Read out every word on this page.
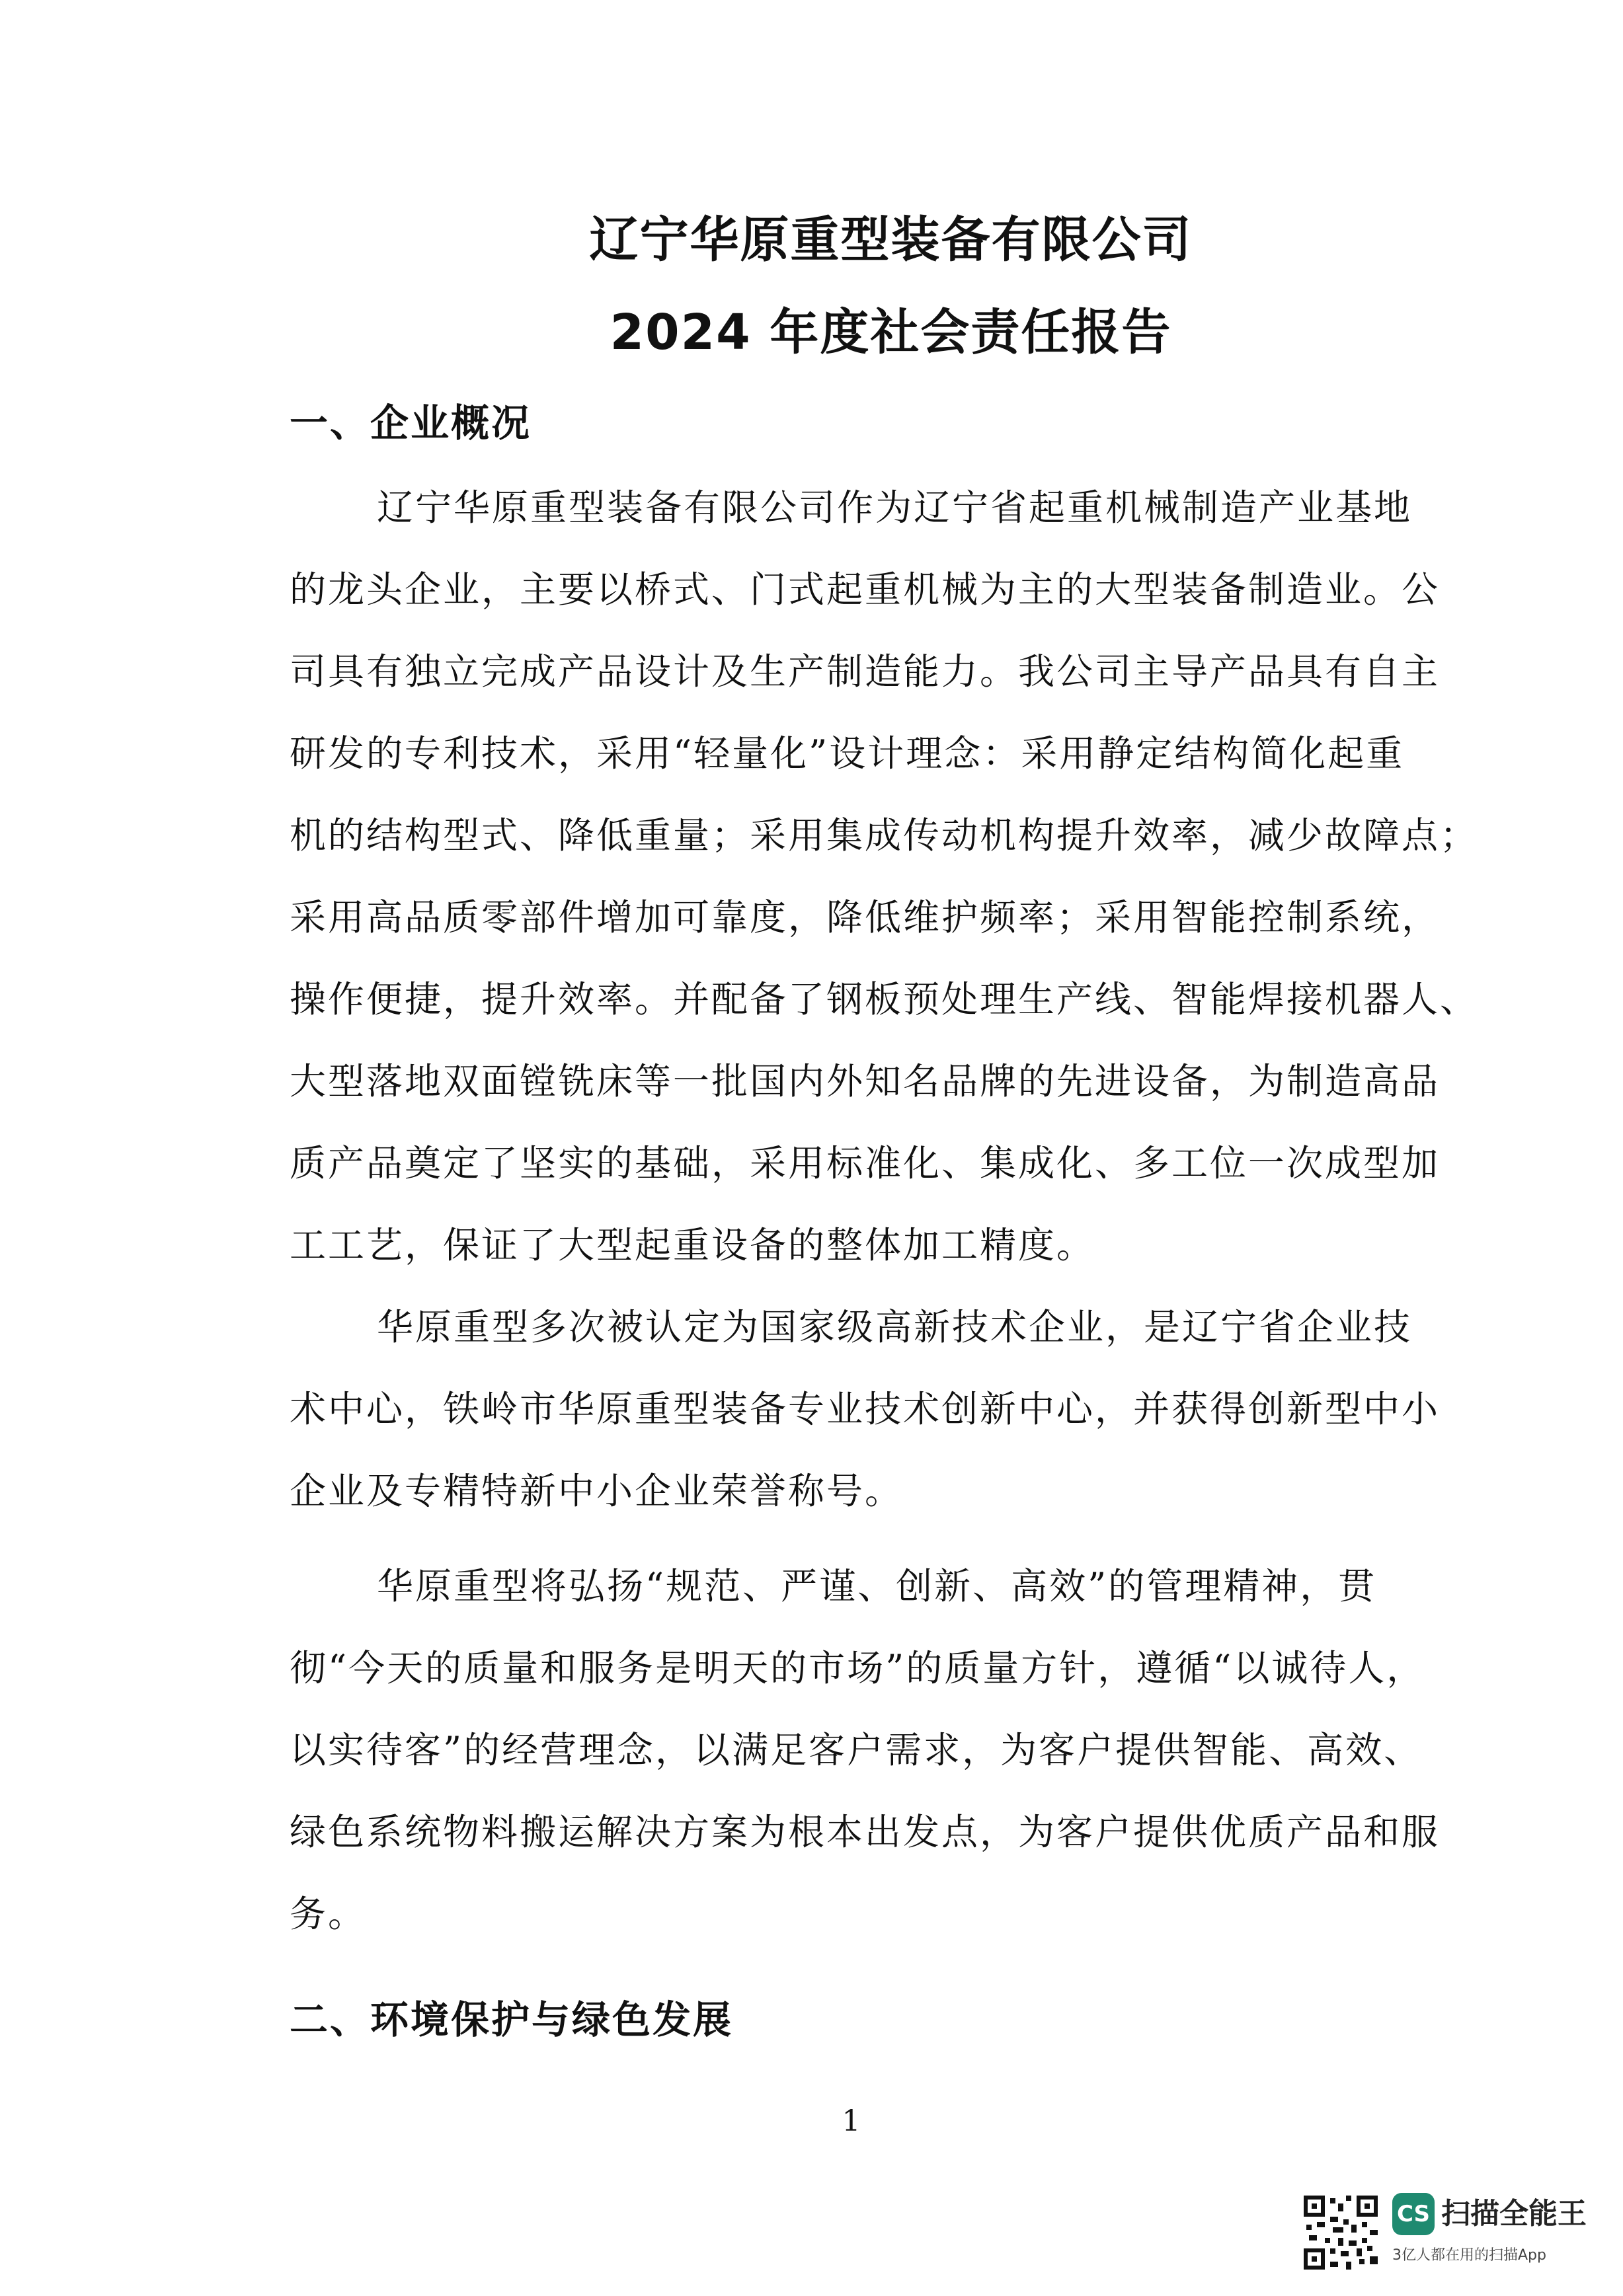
辽宁华原重型装备有限公司
2024 年度社会责任报告
一、企业概况
辽宁华原重型装备有限公司作为辽宁省起重机械制造产业基地
的龙头企业，主要以桥式、门式起重机械为主的大型装备制造业。公
司具有独立完成产品设计及生产制造能力。我公司主导产品具有自主
研发的专利技术，采用“轻量化”设计理念：采用静定结构简化起重
机的结构型式、降低重量；采用集成传动机构提升效率，减少故障点；
采用高品质零部件增加可靠度，降低维护频率；采用智能控制系统，
操作便捷，提升效率。并配备了钢板预处理生产线、智能焊接机器人、
大型落地双面镗铣床等一批国内外知名品牌的先进设备，为制造高品
质产品奠定了坚实的基础，采用标准化、集成化、多工位一次成型加
工工艺，保证了大型起重设备的整体加工精度。
华原重型多次被认定为国家级高新技术企业，是辽宁省企业技
术中心，铁岭市华原重型装备专业技术创新中心，并获得创新型中小
企业及专精特新中小企业荣誉称号。
华原重型将弘扬“规范、严谨、创新、高效”的管理精神，贯
彻“今天的质量和服务是明天的市场”的质量方针，遵循“以诚待人，
以实待客”的经营理念，以满足客户需求，为客户提供智能、高效、
绿色系统物料搬运解决方案为根本出发点，为客户提供优质产品和服
务。
二、环境保护与绿色发展
1
CS 扫描全能王
3亿人都在用的扫描App
